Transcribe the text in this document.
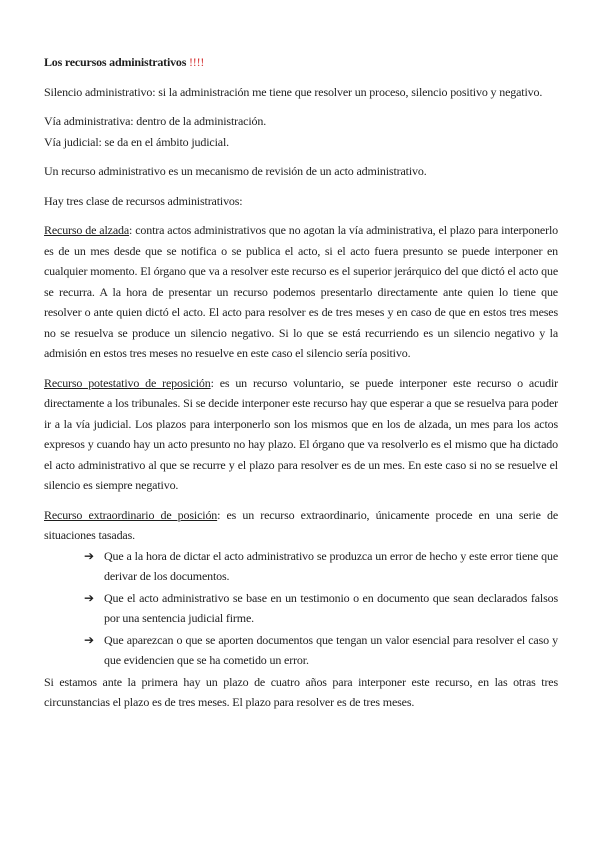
Los recursos administrativos !!!!

Silencio administrativo: si la administración me tiene que resolver un proceso, silencio positivo y negativo.

Vía administrativa: dentro de la administración.

Vía judicial: se da en el ámbito judicial.

Un recurso administrativo es un mecanismo de revisión de un acto administrativo.

Hay tres clase de recursos administrativos:

Recurso de alzada: contra actos administrativos que no agotan la vía administrativa, el plazo para interponerlo es de un mes desde que se notifica o se publica el acto, si el acto fuera presunto se puede interponer en cualquier momento. El órgano que va a resolver este recurso es el superior jerárquico del que dictó el acto que se recurra. A la hora de presentar un recurso podemos presentarlo directamente ante quien lo tiene que resolver o ante quien dictó el acto. El acto para resolver es de tres meses y en caso de que en estos tres meses no se resuelva se produce un silencio negativo. Si lo que se está recurriendo es un silencio negativo y la admisión en estos tres meses no resuelve en este caso el silencio sería positivo.

Recurso potestativo de reposición: es un recurso voluntario, se puede interponer este recurso o acudir directamente a los tribunales. Si se decide interponer este recurso hay que esperar a que se resuelva para poder ir a la vía judicial. Los plazos para interponerlo son los mismos que en los de alzada, un mes para los actos expresos y cuando hay un acto presunto no hay plazo. El órgano que va resolverlo es el mismo que ha dictado el acto administrativo al que se recurre y el plazo para resolver es de un mes. En este caso si no se resuelve el silencio es siempre negativo.

Recurso extraordinario de posición: es un recurso extraordinario, únicamente procede en una serie de situaciones tasadas.

➔ Que a la hora de dictar el acto administrativo se produzca un error de hecho y este error tiene que derivar de los documentos.
➔ Que el acto administrativo se base en un testimonio o en documento que sean declarados falsos por una sentencia judicial firme.
➔ Que aparezcan o que se aporten documentos que tengan un valor esencial para resolver el caso y que evidencien que se ha cometido un error.

Si estamos ante la primera hay un plazo de cuatro años para interponer este recurso, en las otras tres circunstancias el plazo es de tres meses. El plazo para resolver es de tres meses.
